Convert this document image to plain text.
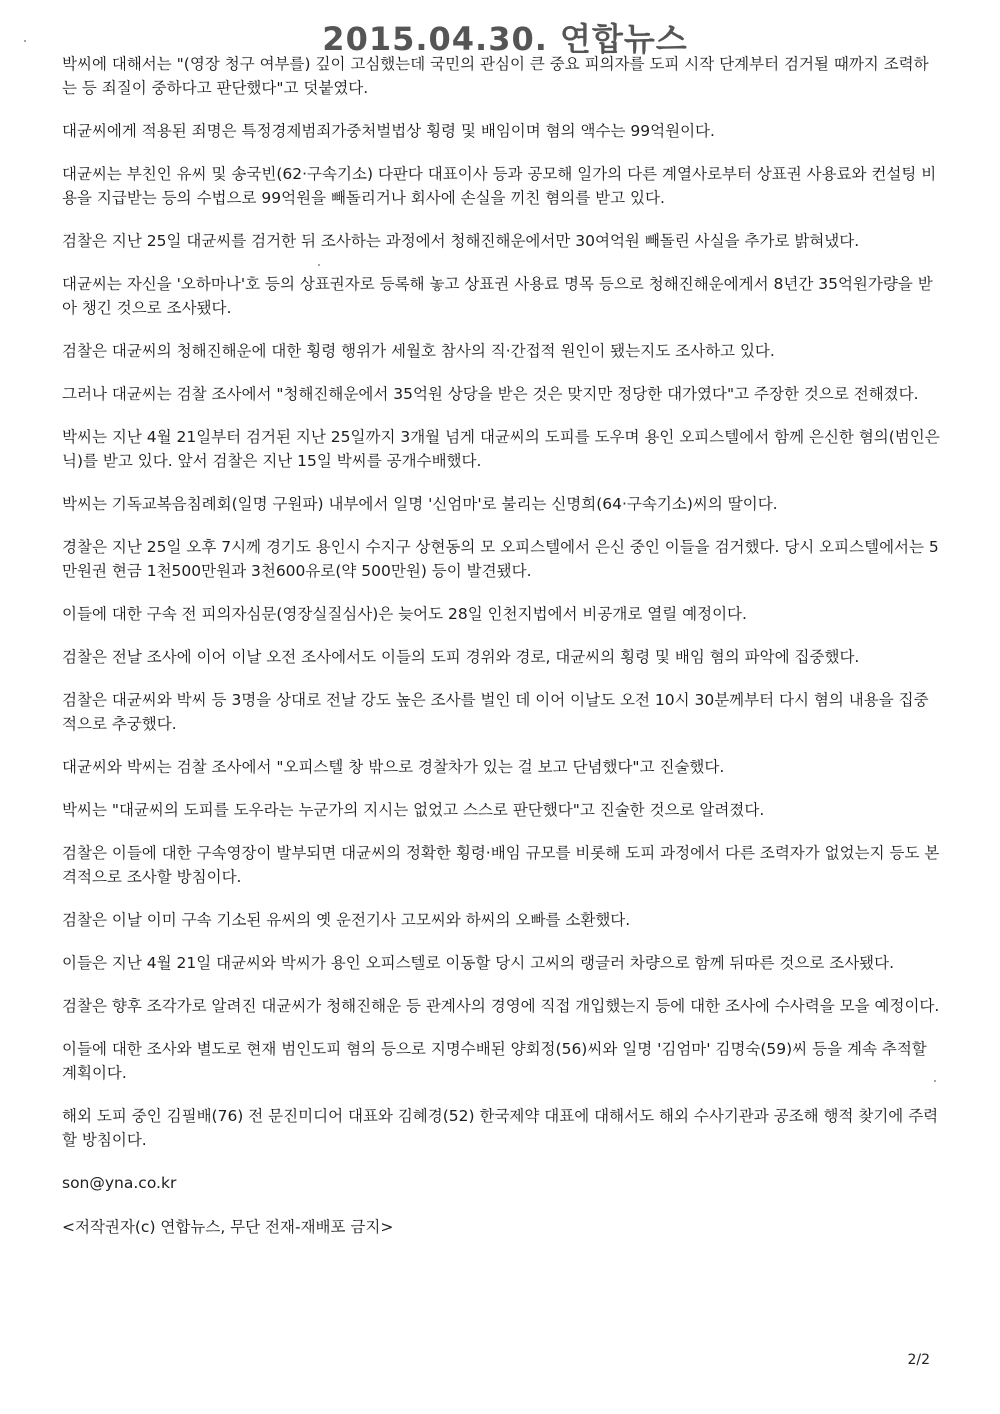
2015.04.30. 연합뉴스

박씨에 대해서는 "(영장 청구 여부를) 깊이 고심했는데 국민의 관심이 큰 중요 피의자를 도피 시작 단계부터 검거될 때까지 조력하는 등 죄질이 중하다고 판단했다"고 덧붙였다.

대균씨에게 적용된 죄명은 특정경제범죄가중처벌법상 횡령 및 배임이며 혐의 액수는 99억원이다.

대균씨는 부친인 유씨 및 송국빈(62·구속기소) 다판다 대표이사 등과 공모해 일가의 다른 계열사로부터 상표권 사용료와 컨설팅 비용을 지급받는 등의 수법으로 99억원을 빼돌리거나 회사에 손실을 끼친 혐의를 받고 있다.

검찰은 지난 25일 대균씨를 검거한 뒤 조사하는 과정에서 청해진해운에서만 30여억원 빼돌린 사실을 추가로 밝혀냈다.

대균씨는 자신을 '오하마나'호 등의 상표권자로 등록해 놓고 상표권 사용료 명목 등으로 청해진해운에게서 8년간 35억원가량을 받아 챙긴 것으로 조사됐다.

검찰은 대균씨의 청해진해운에 대한 횡령 행위가 세월호 참사의 직·간접적 원인이 됐는지도 조사하고 있다.

그러나 대균씨는 검찰 조사에서 "청해진해운에서 35억원 상당을 받은 것은 맞지만 정당한 대가였다"고 주장한 것으로 전해졌다.

박씨는 지난 4월 21일부터 검거된 지난 25일까지 3개월 넘게 대균씨의 도피를 도우며 용인 오피스텔에서 함께 은신한 혐의(범인은닉)를 받고 있다. 앞서 검찰은 지난 15일 박씨를 공개수배했다.

박씨는 기독교복음침례회(일명 구원파) 내부에서 일명 '신엄마'로 불리는 신명희(64·구속기소)씨의 딸이다.

경찰은 지난 25일 오후 7시께 경기도 용인시 수지구 상현동의 모 오피스텔에서 은신 중인 이들을 검거했다. 당시 오피스텔에서는 5만원권 현금 1천500만원과 3천600유로(약 500만원) 등이 발견됐다.

이들에 대한 구속 전 피의자심문(영장실질심사)은 늦어도 28일 인천지법에서 비공개로 열릴 예정이다.

검찰은 전날 조사에 이어 이날 오전 조사에서도 이들의 도피 경위와 경로, 대균씨의 횡령 및 배임 혐의 파악에 집중했다.

검찰은 대균씨와 박씨 등 3명을 상대로 전날 강도 높은 조사를 벌인 데 이어 이날도 오전 10시 30분께부터 다시 혐의 내용을 집중적으로 추궁했다.

대균씨와 박씨는 검찰 조사에서 "오피스텔 창 밖으로 경찰차가 있는 걸 보고 단념했다"고 진술했다.

박씨는 "대균씨의 도피를 도우라는 누군가의 지시는 없었고 스스로 판단했다"고 진술한 것으로 알려졌다.

검찰은 이들에 대한 구속영장이 발부되면 대균씨의 정확한 횡령·배임 규모를 비롯해 도피 과정에서 다른 조력자가 없었는지 등도 본격적으로 조사할 방침이다.

검찰은 이날 이미 구속 기소된 유씨의 옛 운전기사 고모씨와 하씨의 오빠를 소환했다.

이들은 지난 4월 21일 대균씨와 박씨가 용인 오피스텔로 이동할 당시 고씨의 랭글러 차량으로 함께 뒤따른 것으로 조사됐다.

검찰은 향후 조각가로 알려진 대균씨가 청해진해운 등 관계사의 경영에 직접 개입했는지 등에 대한 조사에 수사력을 모을 예정이다.

이들에 대한 조사와 별도로 현재 범인도피 혐의 등으로 지명수배된 양회정(56)씨와 일명 '김엄마' 김명숙(59)씨 등을 계속 추적할 계획이다.

해외 도피 중인 김필배(76) 전 문진미디어 대표와 김혜경(52) 한국제약 대표에 대해서도 해외 수사기관과 공조해 행적 찾기에 주력할 방침이다.

son@yna.co.kr
<저작권자(c) 연합뉴스, 무단 전재-재배포 금지>
2/2
